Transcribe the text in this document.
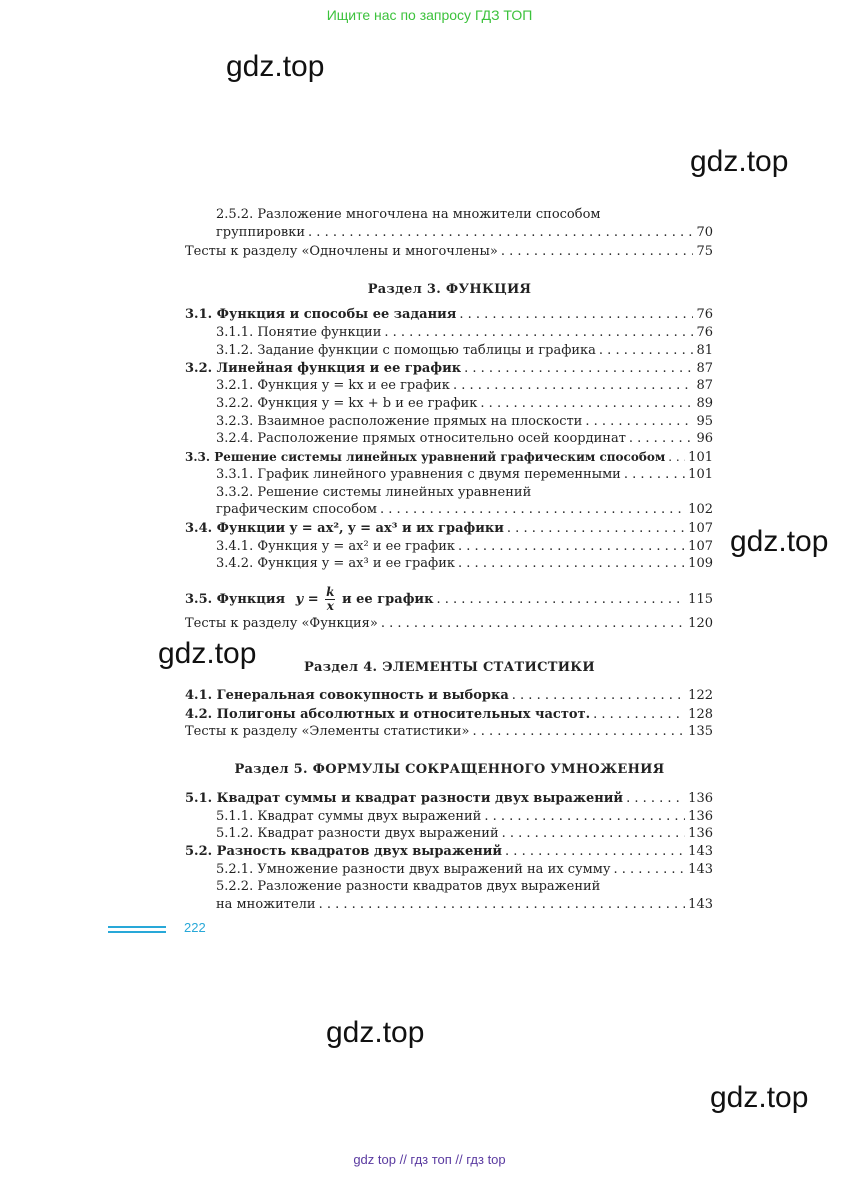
Ищите нас по запросу ГДЗ ТОП
gdz.top
gdz.top
gdz.top
gdz.top
gdz.top
gdz.top
2.5.2. Разложение многочлена на множители способом
группировки . . .	70
Тесты к разделу «Одночлены и многочлены» . . .	75
Раздел 3. ФУНКЦИЯ
3.1. Функция и способы ее задания . . .	76
3.1.1. Понятие функции . . .	76
3.1.2. Задание функции с помощью таблицы и графика . . .	81
3.2. Линейная функция и ее график . . .	87
3.2.1. Функция y = kx и ее график . . .	87
3.2.2. Функция y = kx + b и ее график . . .	89
3.2.3. Взаимное расположение прямых на плоскости . . .	95
3.2.4. Расположение прямых относительно осей координат . . .	96
3.3. Решение системы линейных уравнений графическим способом . . . 101
3.3.1. График линейного уравнения с двумя переменными . . .	101
3.3.2. Решение системы линейных уравнений
графическим способом . . .	102
3.4. Функции y = ax², y = ax³ и их графики . . .	107
3.4.1. Функция y = ax² и ее график . . .	107
3.4.2. Функция y = ax³ и ее график . . .	109
3.5. Функция $y = \frac{k}{x}$ и ее график . . .	115
Тесты к разделу «Функция» . . .	120
Раздел 4. ЭЛЕМЕНТЫ СТАТИСТИКИ
4.1. Генеральная совокупность и выборка . . .	122
4.2. Полигоны абсолютных и относительных частот. . . .	128
Тесты к разделу «Элементы статистики» . . .	135
Раздел 5. ФОРМУЛЫ СОКРАЩЕННОГО УМНОЖЕНИЯ
5.1. Квадрат суммы и квадрат разности двух выражений . . .	136
5.1.1. Квадрат суммы двух выражений . . .	136
5.1.2. Квадрат разности двух выражений . . .	136
5.2. Разность квадратов двух выражений . . .	143
5.2.1. Умножение разности двух выражений на их сумму . . .	143
5.2.2. Разложение разности квадратов двух выражений
на множители . . .	143
222
gdz top // гдз топ // гдз top
